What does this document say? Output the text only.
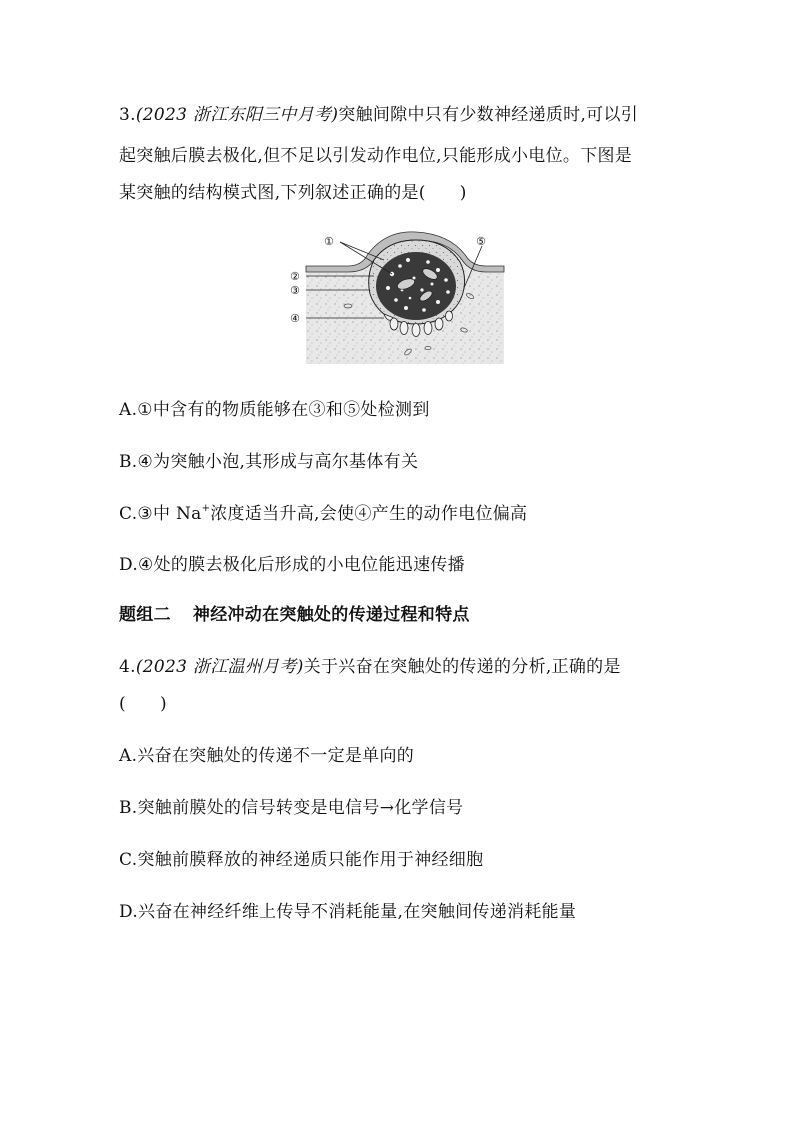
3.(2023 浙江东阳三中月考)突触间隙中只有少数神经递质时,可以引
起突触后膜去极化,但不足以引发动作电位,只能形成小电位。下图是
某突触的结构模式图,下列叙述正确的是( )
①
②
③
④
⑤
A.①中含有的物质能够在③和⑤处检测到
B.④为突触小泡,其形成与高尔基体有关
C.③中 Na+浓度适当升高,会使④产生的动作电位偏高
D.④处的膜去极化后形成的小电位能迅速传播
题组二 神经冲动在突触处的传递过程和特点
4.(2023 浙江温州月考)关于兴奋在突触处的传递的分析,正确的是
( )
A.兴奋在突触处的传递不一定是单向的
B.突触前膜处的信号转变是电信号→化学信号
C.突触前膜释放的神经递质只能作用于神经细胞
D.兴奋在神经纤维上传导不消耗能量,在突触间传递消耗能量
